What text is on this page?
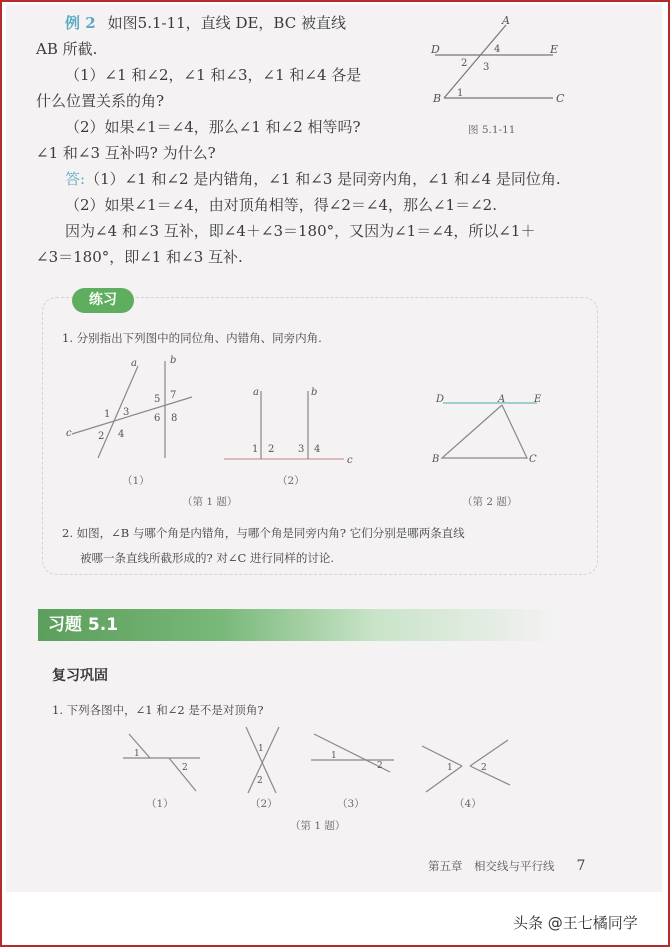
例 2 如图5.1-11，直线 DE，BC 被直线
AB 所截.
（1）∠1 和∠2，∠1 和∠3，∠1 和∠4 各是
什么位置关系的角?
（2）如果∠1＝∠4，那么∠1 和∠2 相等吗?
∠1 和∠3 互补吗? 为什么?
答:（1）∠1 和∠2 是内错角，∠1 和∠3 是同旁内角，∠1 和∠4 是同位角.
（2）如果∠1＝∠4，由对顶角相等，得∠2＝∠4，那么∠1＝∠2.
因为∠4 和∠3 互补，即∠4＋∠3＝180°，又因为∠1＝∠4，所以∠1＋
∠3＝180°，即∠1 和∠3 互补.
A
D	E
B	C
4
2 3
1
图 5.1-11
练习
1. 分别指出下列图中的同位角、内错角、同旁内角.
a	b
c
1 3
2 4
5 7
6 8
a	b
c
1 2 3 4
D	A	E
B	C
（1）	（2）
（第 1 题）	（第 2 题）
2. 如图，∠B 与哪个角是内错角，与哪个角是同旁内角? 它们分别是哪两条直线
被哪一条直线所截形成的? 对∠C 进行同样的讨论.
习题 5.1
复习巩固
1. 下列各图中，∠1 和∠2 是不是对顶角?
1
2
1
2
1
2	1	2
（1）	（2）	（3）	（4）
（第 1 题）
第五章　相交线与平行线 7
头条 @王七橘同学
